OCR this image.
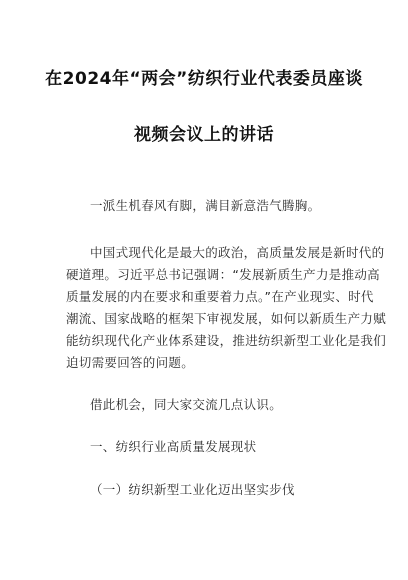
在2024年“两会”纺织行业代表委员座谈
视频会议上的讲话
一派生机春风有脚，满目新意浩气腾胸。
中国式现代化是最大的政治，高质量发展是新时代的
硬道理。习近平总书记强调：“发展新质生产力是推动高
质量发展的内在要求和重要着力点。”在产业现实、时代
潮流、国家战略的框架下审视发展，如何以新质生产力赋
能纺织现代化产业体系建设，推进纺织新型工业化是我们
迫切需要回答的问题。
借此机会，同大家交流几点认识。
一、纺织行业高质量发展现状
（一）纺织新型工业化迈出坚实步伐
